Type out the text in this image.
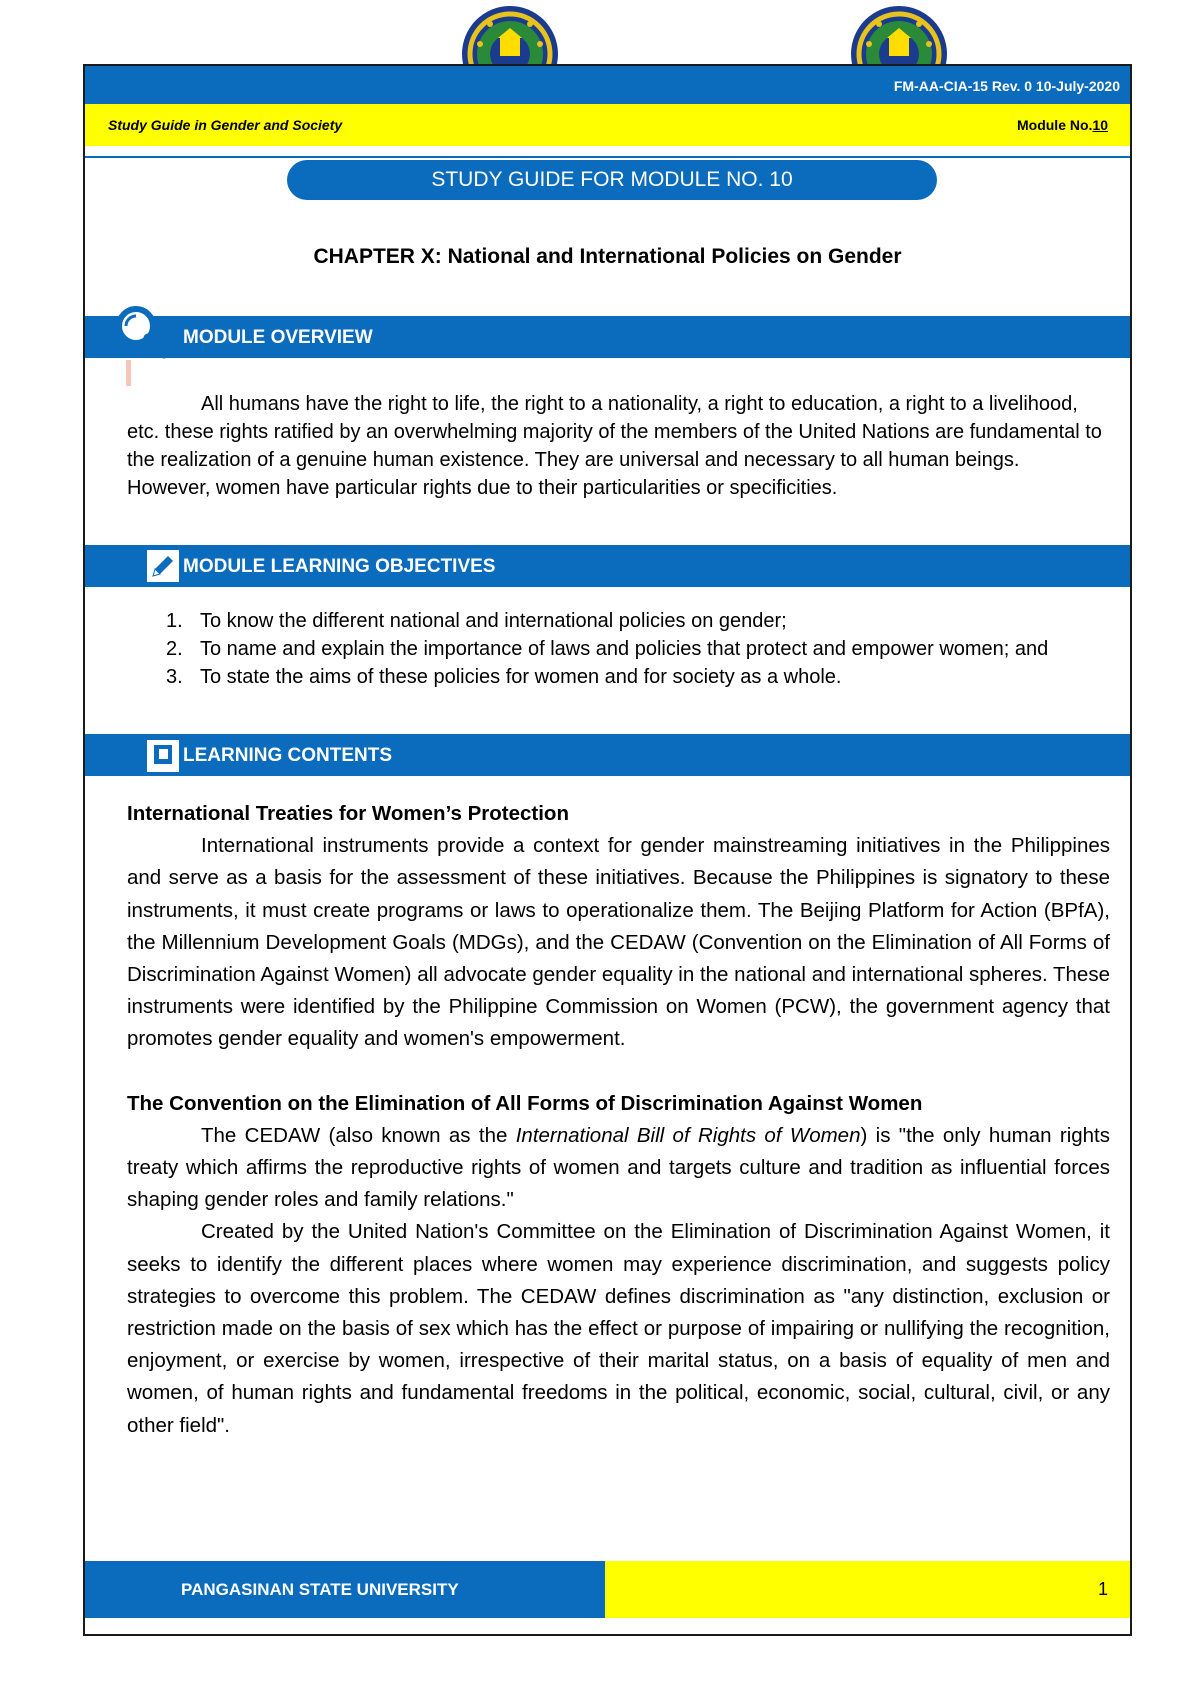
FM-AA-CIA-15 Rev. 0 10-July-2020
Study Guide in Gender and Society	Module No.10
STUDY GUIDE FOR MODULE NO. 10
CHAPTER X: National and International Policies on Gender
MODULE OVERVIEW
All humans have the right to life, the right to a nationality, a right to education, a right to a livelihood, etc. these rights ratified by an overwhelming majority of the members of the United Nations are fundamental to the realization of a genuine human existence. They are universal and necessary to all human beings. However, women have particular rights due to their particularities or specificities.
MODULE LEARNING OBJECTIVES
1. To know the different national and international policies on gender;
2. To name and explain the importance of laws and policies that protect and empower women; and
3. To state the aims of these policies for women and for society as a whole.
LEARNING CONTENTS
International Treaties for Women’s Protection

International instruments provide a context for gender mainstreaming initiatives in the Philippines and serve as a basis for the assessment of these initiatives. Because the Philippines is signatory to these instruments, it must create programs or laws to operationalize them. The Beijing Platform for Action (BPfA), the Millennium Development Goals (MDGs), and the CEDAW (Convention on the Elimination of All Forms of Discrimination Against Women) all advocate gender equality in the national and international spheres. These instruments were identified by the Philippine Commission on Women (PCW), the government agency that promotes gender equality and women's empowerment.

The Convention on the Elimination of All Forms of Discrimination Against Women

The CEDAW (also known as the International Bill of Rights of Women) is "the only human rights treaty which affirms the reproductive rights of women and targets culture and tradition as influential forces shaping gender roles and family relations."

Created by the United Nation's Committee on the Elimination of Discrimination Against Women, it seeks to identify the different places where women may experience discrimination, and suggests policy strategies to overcome this problem. The CEDAW defines discrimination as "any distinction, exclusion or restriction made on the basis of sex which has the effect or purpose of impairing or nullifying the recognition, enjoyment, or exercise by women, irrespective of their marital status, on a basis of equality of men and women, of human rights and fundamental freedoms in the political, economic, social, cultural, civil, or any other field".

PANGASINAN STATE UNIVERSITY	1
